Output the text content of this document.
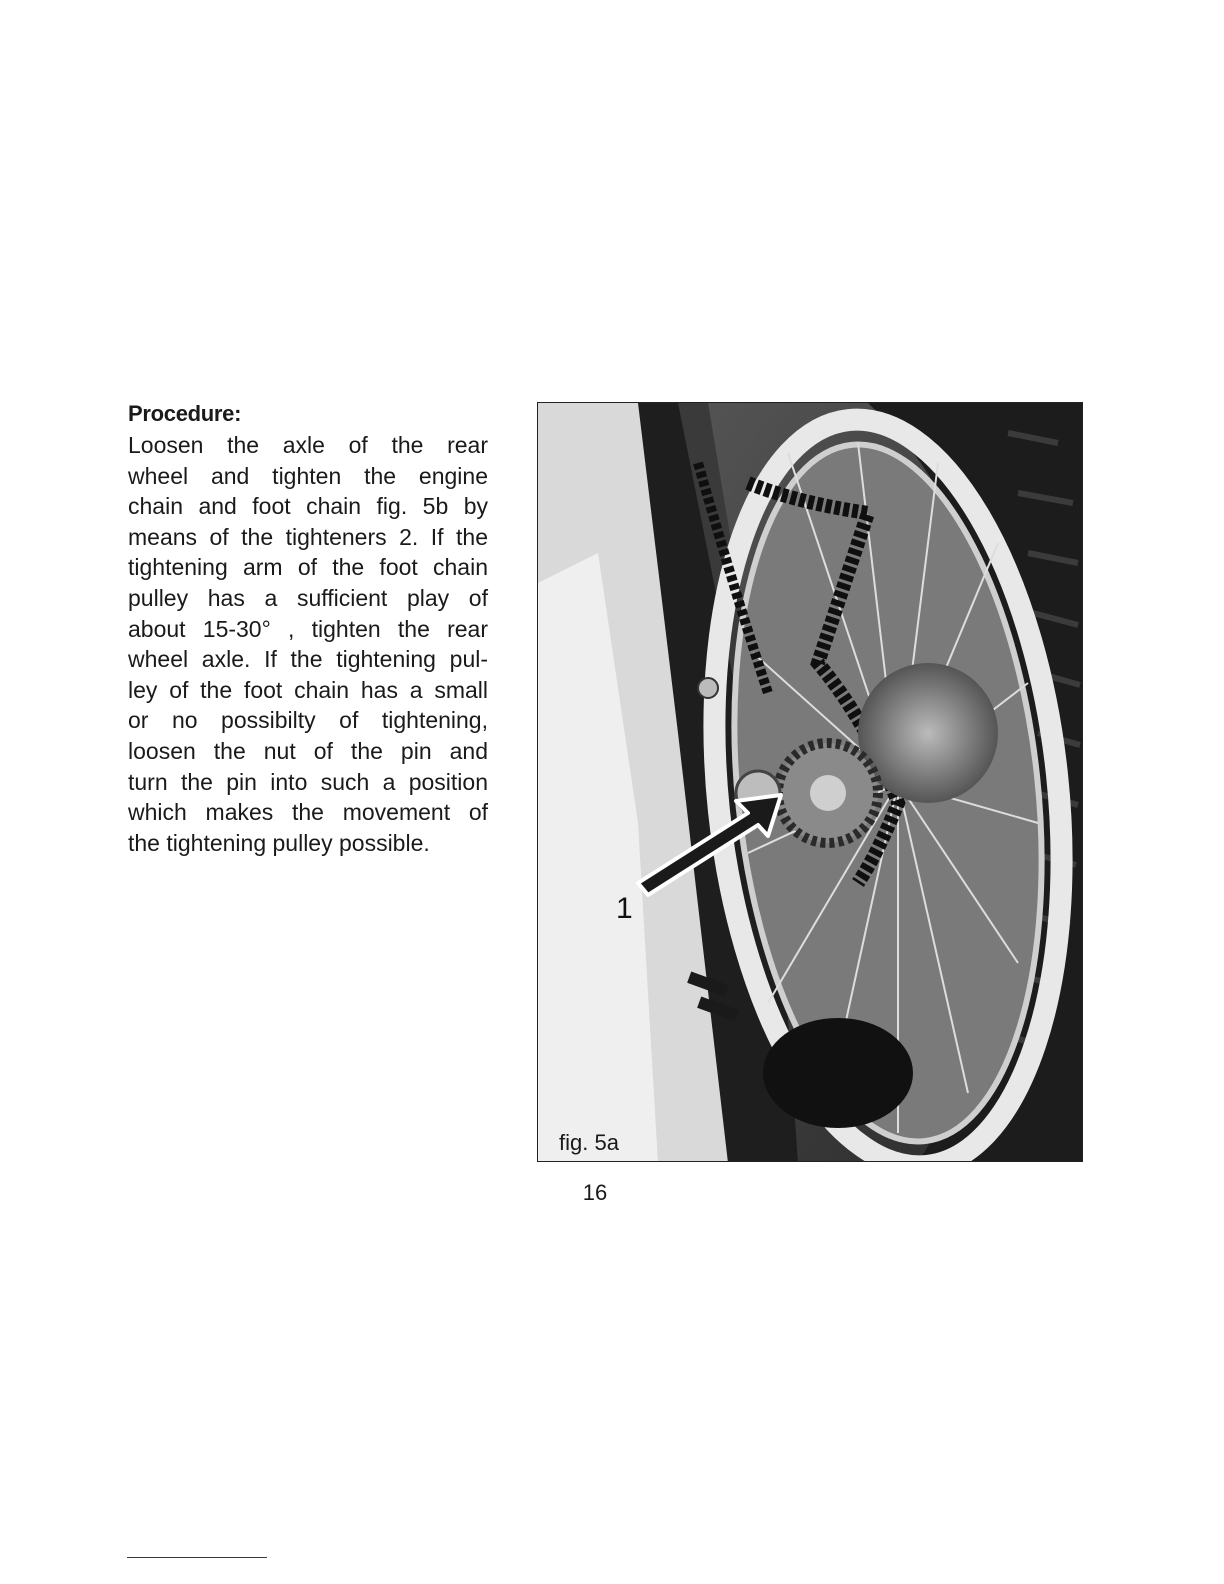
Procedure:
Loosen the axle of the rear
wheel and tighten the engine
chain and foot chain fig. 5b by
means of the tighteners 2. If the
tightening arm of the foot chain
pulley has a sufficient play of
about 15-30° , tighten the rear
wheel axle. If the tightening pul-
ley of the foot chain has a small
or no possibilty of tightening,
loosen the nut of the pin and
turn the pin into such a position
which makes the movement of
the tightening pulley possible.
1
fig. 5a
16
